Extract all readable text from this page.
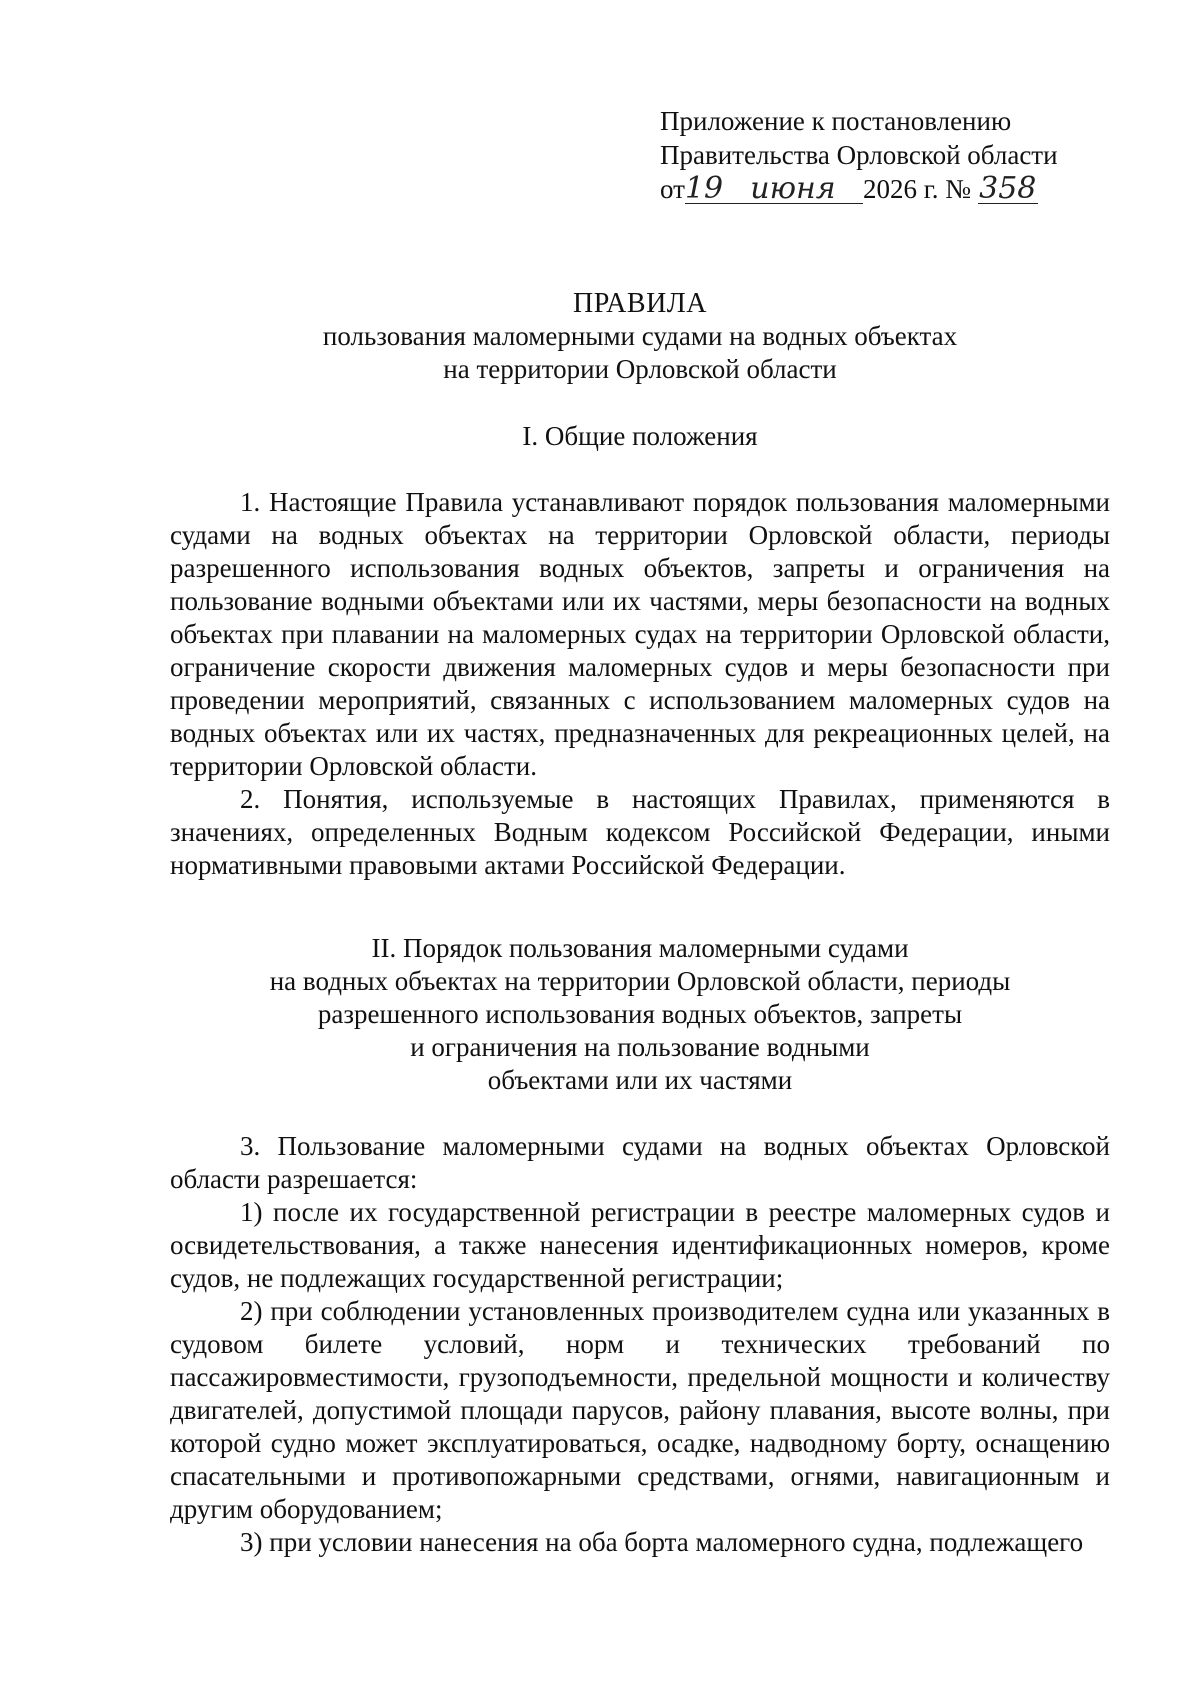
Приложение к постановлению
Правительства Орловской области
от19 июня 2026 г. № 358
ПРАВИЛА
пользования маломерными судами на водных объектах
на территории Орловской области
I. Общие положения

1. Настоящие Правила устанавливают порядок пользования маломерными судами на водных объектах на территории Орловской области, периоды разрешенного использования водных объектов, запреты и ограничения на пользование водными объектами или их частями, меры безопасности на водных объектах при плавании на маломерных судах на территории Орловской области, ограничение скорости движения маломерных судов и меры безопасности при проведении мероприятий, связанных с использованием маломерных судов на водных объектах или их частях, предназначенных для рекреационных целей, на территории Орловской области.

2. Понятия, используемые в настоящих Правилах, применяются в значениях, определенных Водным кодексом Российской Федерации, иными нормативными правовыми актами Российской Федерации.

II. Порядок пользования маломерными судами
на водных объектах на территории Орловской области, периоды
разрешенного использования водных объектов, запреты
и ограничения на пользование водными
объектами или их частями

3. Пользование маломерными судами на водных объектах Орловской области разрешается:

1) после их государственной регистрации в реестре маломерных судов и освидетельствования, а также нанесения идентификационных номеров, кроме судов, не подлежащих государственной регистрации;

2) при соблюдении установленных производителем судна или указанных в судовом билете условий, норм и технических требований по пассажировместимости, грузоподъемности, предельной мощности и количеству двигателей, допустимой площади парусов, району плавания, высоте волны, при которой судно может эксплуатироваться, осадке, надводному борту, оснащению спасательными и противопожарными средствами, огнями, навигационным и другим оборудованием;

3) при условии нанесения на оба борта маломерного судна, подлежащего
